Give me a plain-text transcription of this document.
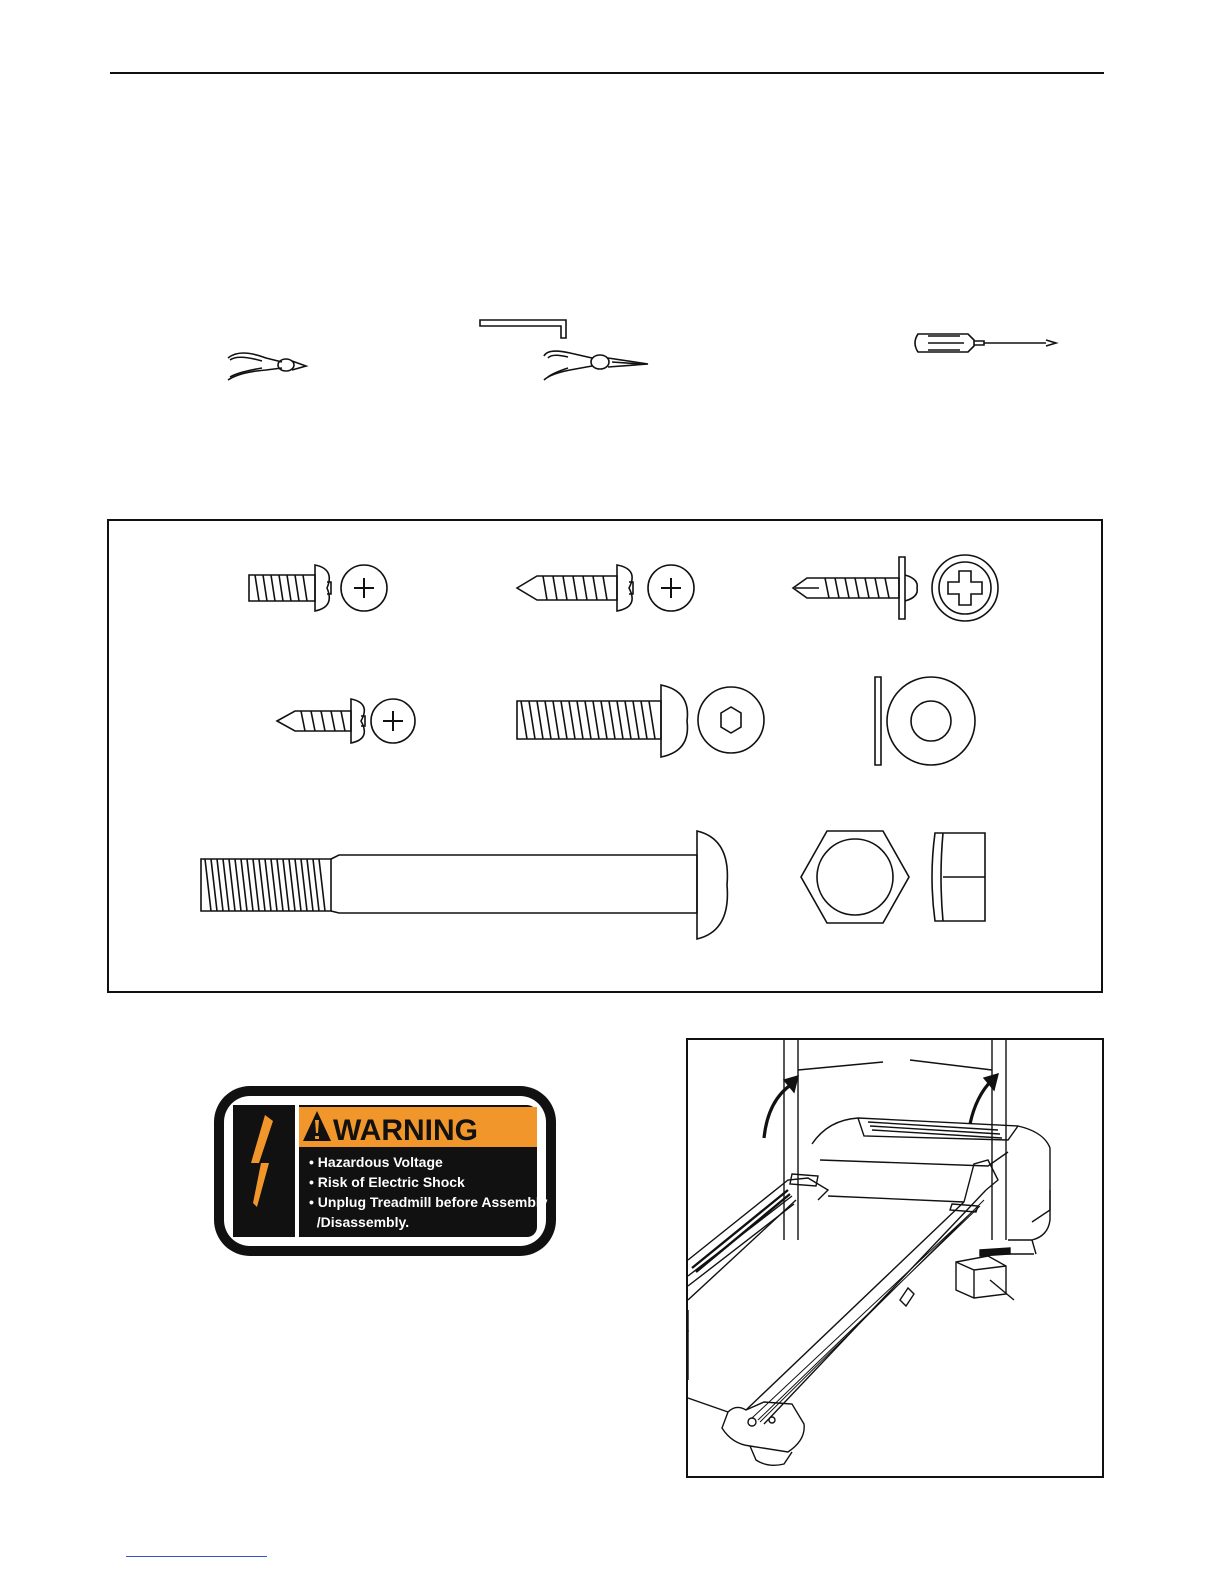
WARNING
• Hazardous Voltage
• Risk of Electric Shock
• Unplug Treadmill before Assembly
/Disassembly.
